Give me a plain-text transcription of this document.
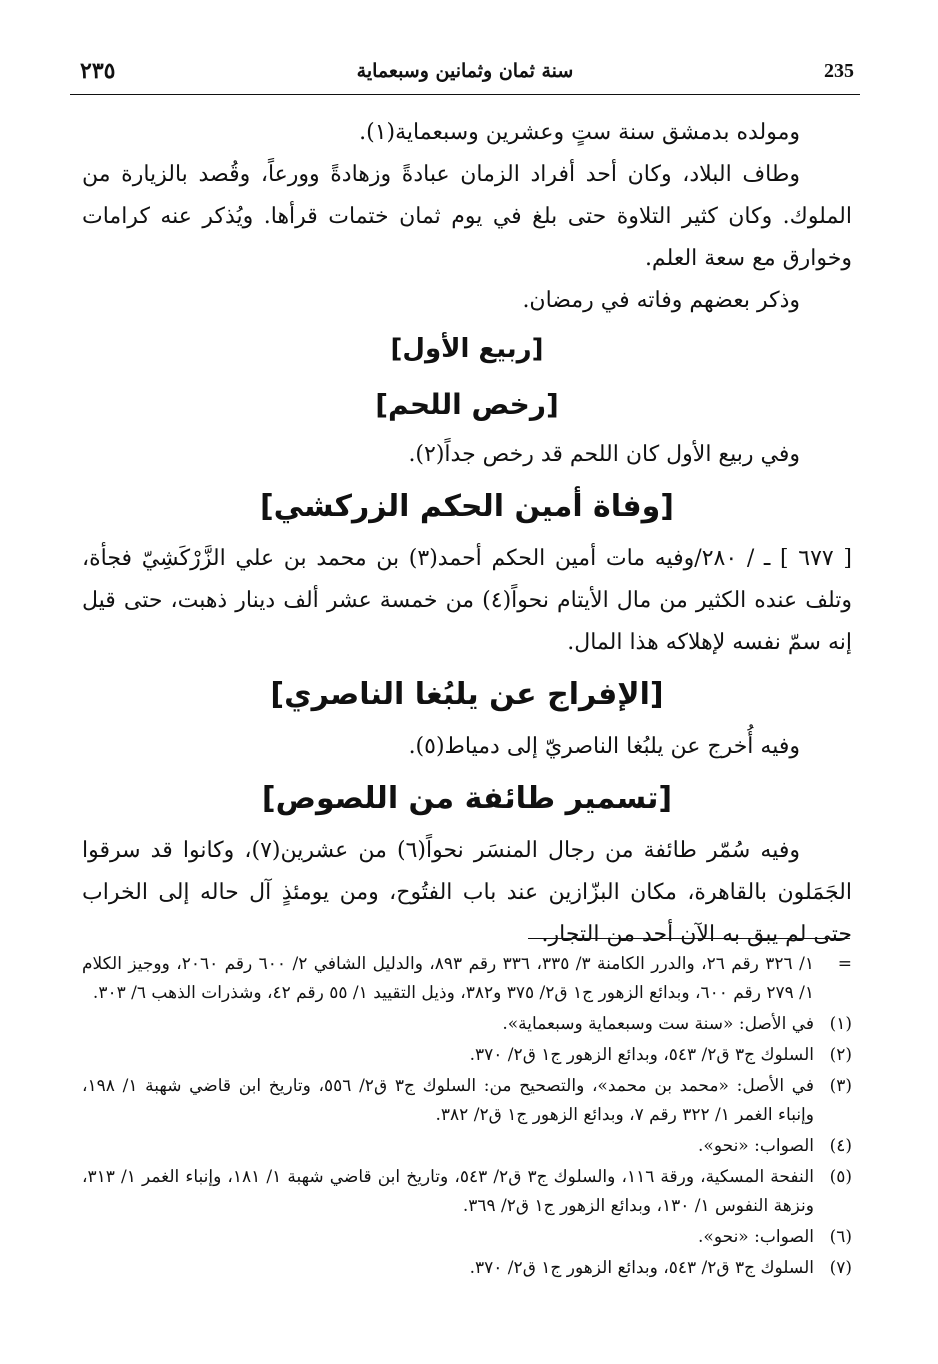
٢٣٥	سنة ثمان وثمانين وسبعماية	235

ومولده بدمشق سنة ستٍ وعشرين وسبعماية(١).

وطاف البلاد، وكان أحد أفراد الزمان عبادةً وزهادةً وورعاً، وقُصد بالزيارة من الملوك. وكان كثير التلاوة حتى بلغ في يوم ثمان ختمات قرأها. ويُذكر عنه كرامات وخوارق مع سعة العلم.

وذكر بعضهم وفاته في رمضان.

[ربيع الأول]
[رخص اللحم]

وفي ربيع الأول كان اللحم قد رخص جداً(٢).

[وفاة أمين الحكم الزركشي]

[ ٦٧٧ ] ـ / ٢٨٠/وفيه مات أمين الحكم أحمد(٣) بن محمد بن علي الزَّرْكَشِيّ فجأة، وتلف عنده الكثير من مال الأيتام نحواً(٤) من خمسة عشر ألف دينار ذهبت، حتى قيل إنه سمّ نفسه لإهلاكه هذا المال.

[الإفراج عن يلبُغا الناصري]

وفيه أُخرج عن يلبُغا الناصريّ إلى دمياط(٥).

[تسمير طائفة من اللصوص]

وفيه سُمّر طائفة من رجال المنسَر نحواً(٦) من عشرين(٧)، وكانوا قد سرقوا الجَمَلون بالقاهرة، مكان البزّازين عند باب الفتُوح، ومن يومئذٍ آل حاله إلى الخراب حتى لم يبق به الآن أحد من التجار.

=
١/ ٣٢٦ رقم ٢٦، والدرر الكامنة ٣/ ٣٣٥، ٣٣٦ رقم ٨٩٣، والدليل الشافي ٢/ ٦٠٠ رقم ٢٠٦٠، ووجيز الكلام ١/ ٢٧٩ رقم ٦٠٠، وبدائع الزهور ج١ ق٢/ ٣٧٥ و٣٨٢، وذيل التقييد ١/ ٥٥ رقم ٤٢، وشذرات الذهب ٦/ ٣٠٣.
(١)
في الأصل: «سنة ست وسبعماية وسبعماية».
(٢)
السلوك ج٣ ق٢/ ٥٤٣، وبدائع الزهور ج١ ق٢/ ٣٧٠.
(٣)
في الأصل: «محمد بن محمد»، والتصحيح من: السلوك ج٣ ق٢/ ٥٥٦، وتاريخ ابن قاضي شهبة ١/ ١٩٨، وإنباء الغمر ١/ ٣٢٢ رقم ٧، وبدائع الزهور ج١ ق٢/ ٣٨٢.
(٤)
الصواب: «نحو».
(٥)
النفحة المسكية، ورقة ١١٦، والسلوك ج٣ ق٢/ ٥٤٣، وتاريخ ابن قاضي شهبة ١/ ١٨١، وإنباء الغمر ١/ ٣١٣، ونزهة النفوس ١/ ١٣٠، وبدائع الزهور ج١ ق٢/ ٣٦٩.
(٦)
الصواب: «نحو».
(٧)
السلوك ج٣ ق٢/ ٥٤٣، وبدائع الزهور ج١ ق٢/ ٣٧٠.
